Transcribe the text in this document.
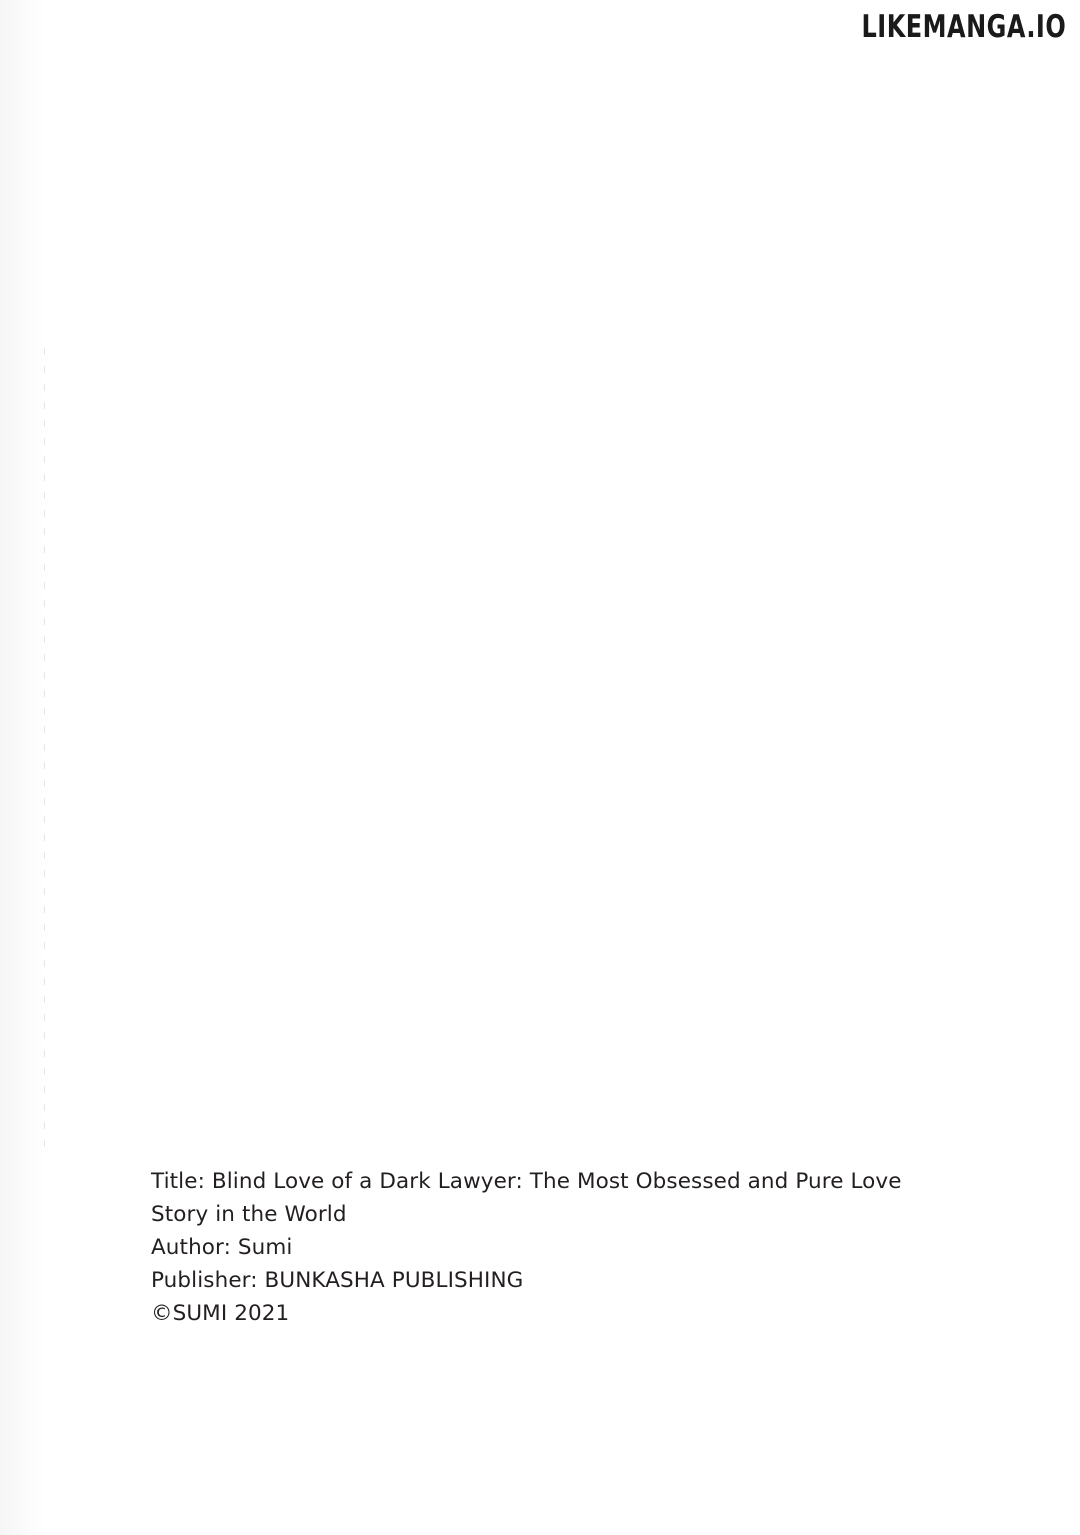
LIKEMANGA.IO
Title: Blind Love of a Dark Lawyer: The Most Obsessed and Pure Love Story in the World
Author: Sumi
Publisher: BUNKASHA PUBLISHING
©SUMI 2021
